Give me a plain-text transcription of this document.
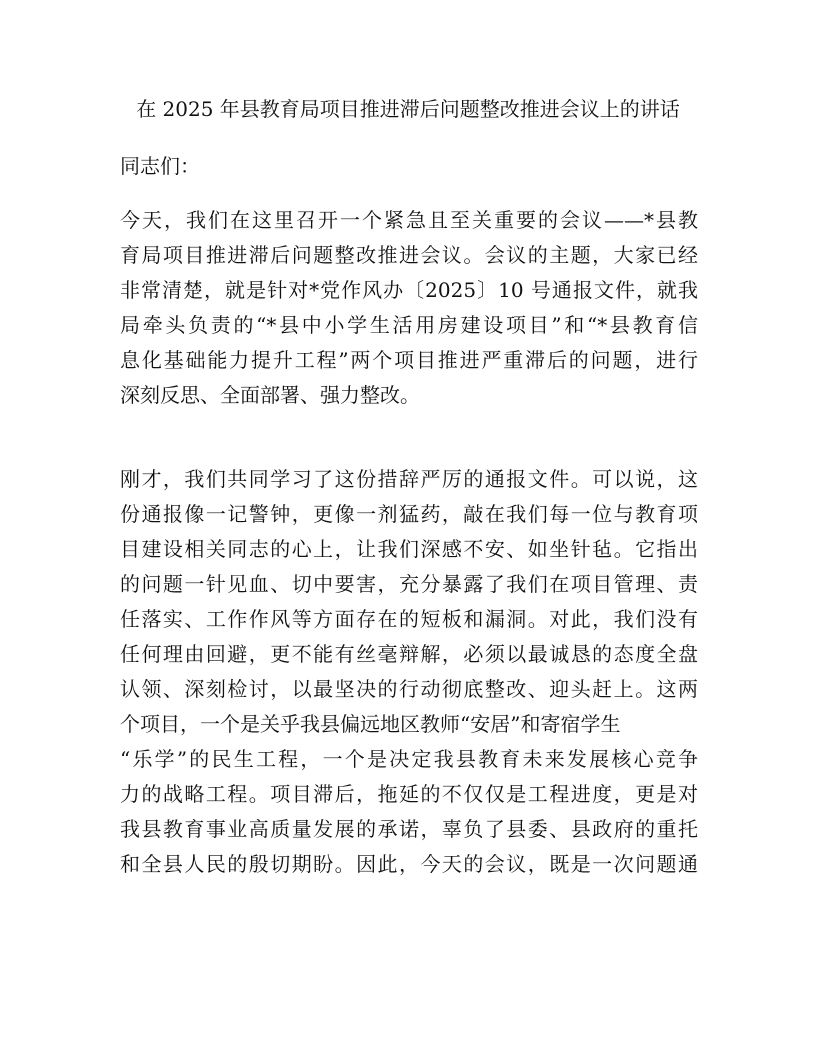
在 2025 年县教育局项目推进滞后问题整改推进会议上的讲话
同志们：
今天，我们在这里召开一个紧急且至关重要的会议——*县教
育局项目推进滞后问题整改推进会议。会议的主题，大家已经
非常清楚，就是针对*党作风办〔2025〕10 号通报文件，就我
局牵头负责的“*县中小学生活用房建设项目”和“*县教育信
息化基础能力提升工程”两个项目推进严重滞后的问题，进行
深刻反思、全面部署、强力整改。
刚才，我们共同学习了这份措辞严厉的通报文件。可以说，这
份通报像一记警钟，更像一剂猛药，敲在我们每一位与教育项
目建设相关同志的心上，让我们深感不安、如坐针毡。它指出
的问题一针见血、切中要害，充分暴露了我们在项目管理、责
任落实、工作作风等方面存在的短板和漏洞。对此，我们没有
任何理由回避，更不能有丝毫辩解，必须以最诚恳的态度全盘
认领、深刻检讨，以最坚决的行动彻底整改、迎头赶上。这两
个项目，一个是关乎我县偏远地区教师“安居”和寄宿学生
“乐学”的民生工程，一个是决定我县教育未来发展核心竞争
力的战略工程。项目滞后，拖延的不仅仅是工程进度，更是对
我县教育事业高质量发展的承诺，辜负了县委、县政府的重托
和全县人民的殷切期盼。因此，今天的会议，既是一次问题通
